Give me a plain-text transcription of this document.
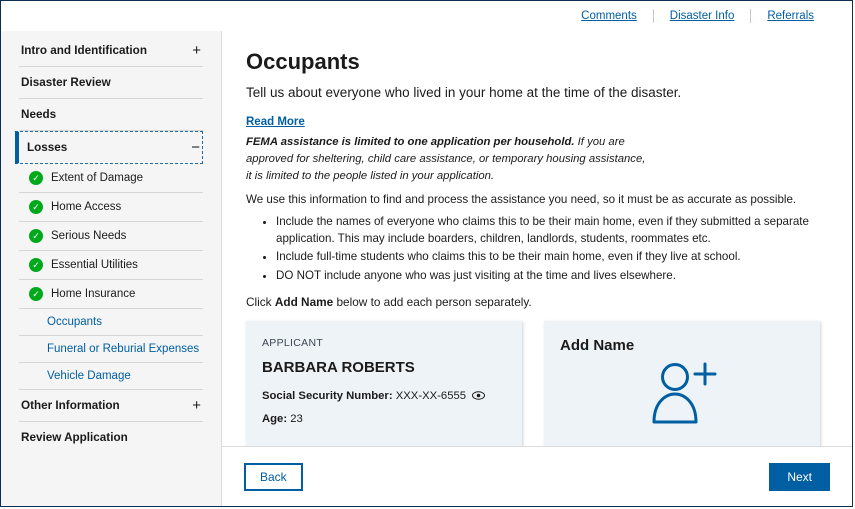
Comments	Disaster Info	Referrals
Intro and Identification	+
Disaster Review
Needs
Losses	−
✓ Extent of Damage
✓ Home Access
✓ Serious Needs
✓ Essential Utilities
✓ Home Insurance
Occupants
Funeral or Reburial Expenses
Vehicle Damage
Other Information	+
Review Application
Occupants
Tell us about everyone who lived in your home at the time of the disaster.
Read More
FEMA assistance is limited to one application per household. If you are
approved for sheltering, child care assistance, or temporary housing assistance,
it is limited to the people listed in your application.

We use this information to find and process the assistance you need, so it must be as accurate as possible.

• Include the names of everyone who claims this to be their main home, even if they submitted a separate application. This may include boarders, children, landlords, students, roommates etc.
• Include full-time students who claims this to be their main home, even if they live at school.
• DO NOT include anyone who was just visiting at the time and lives elsewhere.

Click Add Name below to add each person separately.

APPLICANT
BARBARA ROBERTS
Social Security Number: XXX-XX-6555
Age: 23
Add Name
Back	Next
